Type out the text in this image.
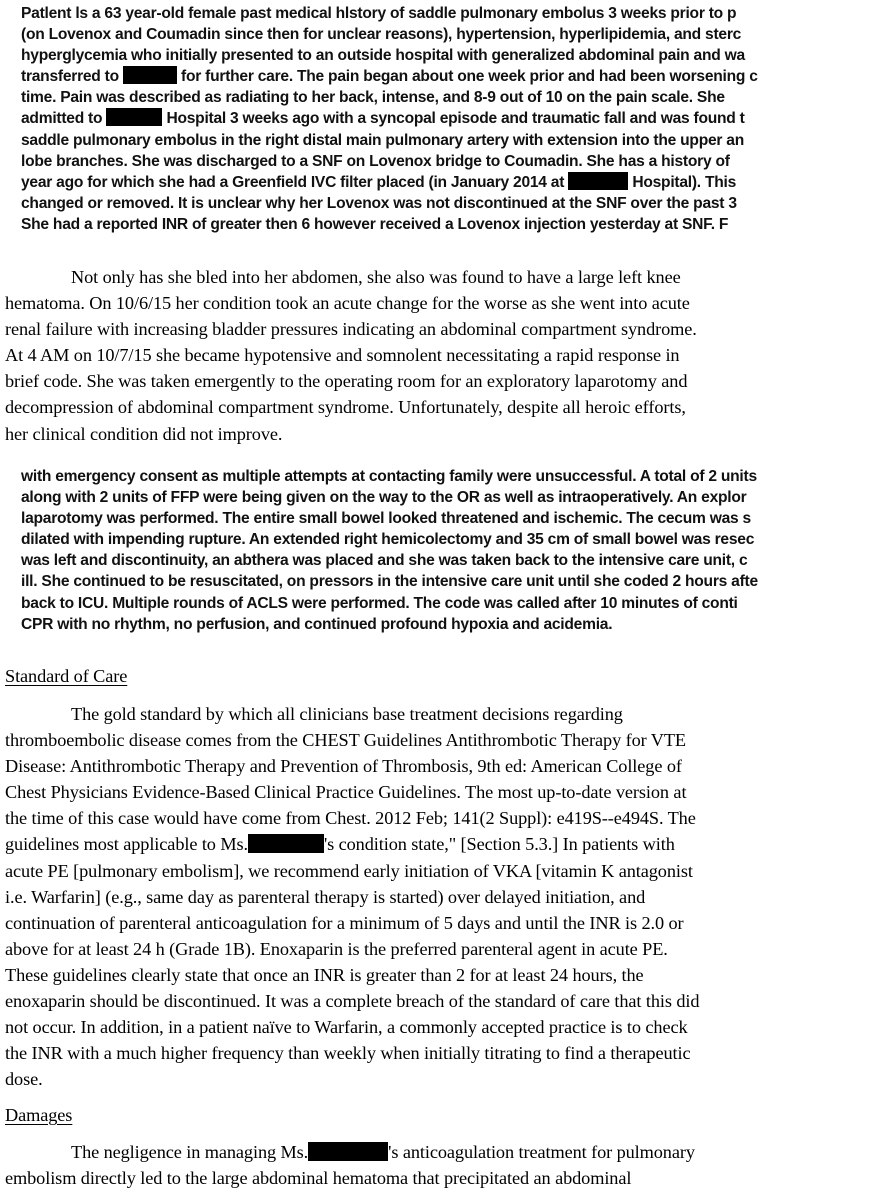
Patlent ls a 63 year-old female past medical hlstory of saddle pulmonary embolus 3 weeks prior to p
(on Lovenox and Coumadin since then for unclear reasons), hypertension, hyperlipidemia, and sterc
hyperglycemia who initially presented to an outside hospital with generalized abdominal pain and wa
transferred to	for further care. The pain began about one week prior and had been worsening c
time. Pain was described as radiating to her back, intense, and 8-9 out of 10 on the pain scale. She
admitted to	Hospital 3 weeks ago with a syncopal episode and traumatic fall and was found t
saddle pulmonary embolus in the right distal main pulmonary artery with extension into the upper an
lobe branches. She was discharged to a SNF on Lovenox bridge to Coumadin. She has a history of
year ago for which she had a Greenfield IVC filter placed (in January 2014 at	Hospital). This
changed or removed. It is unclear why her Lovenox was not discontinued at the SNF over the past 3
She had a reported INR of greater then 6 however received a Lovenox injection yesterday at SNF. F
Not only has she bled into her abdomen, she also was found to have a large left knee
hematoma. On 10/6/15 her condition took an acute change for the worse as she went into acute
renal failure with increasing bladder pressures indicating an abdominal compartment syndrome.
At 4 AM on 10/7/15 she became hypotensive and somnolent necessitating a rapid response in
brief code. She was taken emergently to the operating room for an exploratory laparotomy and
decompression of abdominal compartment syndrome. Unfortunately, despite all heroic efforts,
her clinical condition did not improve.
with emergency consent as multiple attempts at contacting family were unsuccessful. A total of 2 units
along with 2 units of FFP were being given on the way to the OR as well as intraoperatively. An explor
laparotomy was performed. The entire small bowel looked threatened and ischemic. The cecum was s
dilated with impending rupture. An extended right hemicolectomy and 35 cm of small bowel was resec
was left and discontinuity, an abthera was placed and she was taken back to the intensive care unit, c
ill. She continued to be resuscitated, on pressors in the intensive care unit until she coded 2 hours afte
back to ICU. Multiple rounds of ACLS were performed. The code was called after 10 minutes of conti
CPR with no rhythm, no perfusion, and continued profound hypoxia and acidemia.
Standard of Care
The gold standard by which all clinicians base treatment decisions regarding
thromboembolic disease comes from the CHEST Guidelines Antithrombotic Therapy for VTE
Disease: Antithrombotic Therapy and Prevention of Thrombosis, 9th ed: American College of
Chest Physicians Evidence-Based Clinical Practice Guidelines. The most up-to-date version at
the time of this case would have come from Chest. 2012 Feb; 141(2 Suppl): e419S--e494S. The
guidelines most applicable to Ms.	's condition state," [Section 5.3.] In patients with
acute PE [pulmonary embolism], we recommend early initiation of VKA [vitamin K antagonist
i.e. Warfarin] (e.g., same day as parenteral therapy is started) over delayed initiation, and
continuation of parenteral anticoagulation for a minimum of 5 days and until the INR is 2.0 or
above for at least 24 h (Grade 1B). Enoxaparin is the preferred parenteral agent in acute PE.
These guidelines clearly state that once an INR is greater than 2 for at least 24 hours, the
enoxaparin should be discontinued. It was a complete breach of the standard of care that this did
not occur. In addition, in a patient naïve to Warfarin, a commonly accepted practice is to check
the INR with a much higher frequency than weekly when initially titrating to find a therapeutic
dose.
Damages
The negligence in managing Ms.	's anticoagulation treatment for pulmonary
embolism directly led to the large abdominal hematoma that precipitated an abdominal
